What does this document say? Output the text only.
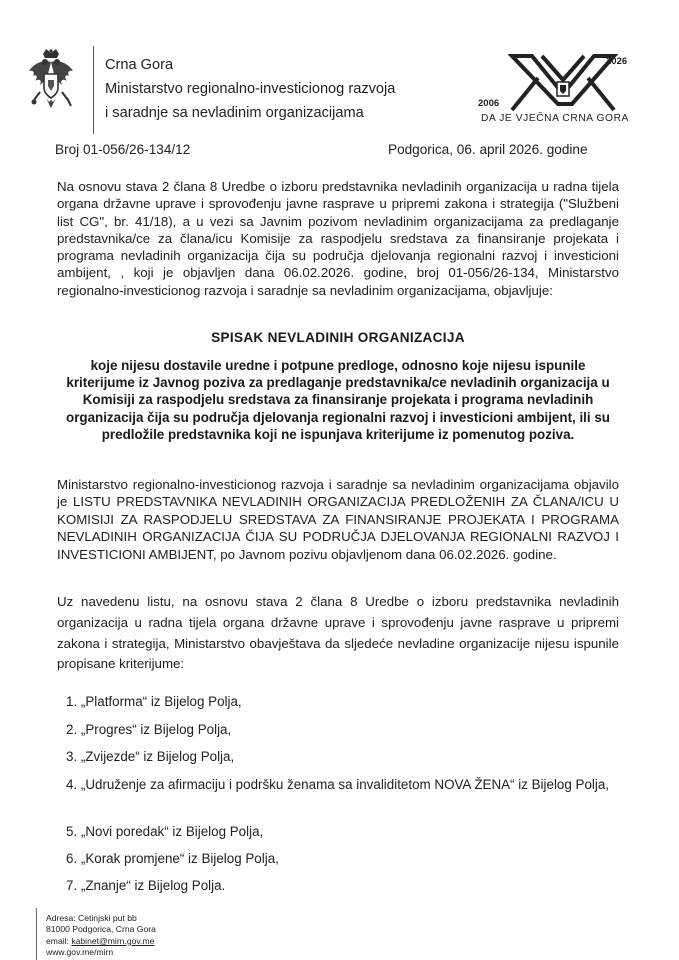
Crna Gora
Ministarstvo regionalno-investicionog razvoja
i saradnje sa nevladinim organizacijama
2006
2026
DA JE VJEČNA CRNA GORA
Broj 01-056/26-134/12	Podgorica, 06. april 2026. godine
Na osnovu stava 2 člana 8 Uredbe o izboru predstavnika nevladinih organizacija u radna tijela organa državne uprave i sprovođenju javne rasprave u pripremi zakona i strategija ("Službeni list CG", br. 41/18), a u vezi sa Javnim pozivom nevladinim organizacijama za predlaganje predstavnika/ce za člana/icu Komisije za raspodjelu sredstava za finansiranje projekata i programa nevladinih organizacija čija su područja djelovanja regionalni razvoj i investicioni ambijent, , koji je objavljen dana 06.02.2026. godine, broj 01-056/26-134, Ministarstvo regionalno-investicionog razvoja i saradnje sa nevladinim organizacijama, objavljuje:
SPISAK NEVLADINIH ORGANIZACIJA
koje nijesu dostavile uredne i potpune predloge, odnosno koje nijesu ispunile kriterijume iz Javnog poziva za predlaganje predstavnika/ce nevladinih organizacija u Komisiji za raspodjelu sredstava za finansiranje projekata i programa nevladinih organizacija čija su područja djelovanja regionalni razvoj i investicioni ambijent, ili su predložile predstavnika koji ne ispunjava kriterijume iz pomenutog poziva.
Ministarstvo regionalno-investicionog razvoja i saradnje sa nevladinim organizacijama objavilo je LISTU PREDSTAVNIKA NEVLADINIH ORGANIZACIJA PREDLOŽENIH ZA ČLANA/ICU U KOMISIJI ZA RASPODJELU SREDSTAVA ZA FINANSIRANJE PROJEKATA I PROGRAMA NEVLADINIH ORGANIZACIJA ČIJA SU PODRUČJA DJELOVANJA REGIONALNI RAZVOJ I INVESTICIONI AMBIJENT, po Javnom pozivu objavljenom dana 06.02.2026. godine.
Uz navedenu listu, na osnovu stava 2 člana 8 Uredbe o izboru predstavnika nevladinih organizacija u radna tijela organa državne uprave i sprovođenju javne rasprave u pripremi zakona i strategija, Ministarstvo obavještava da sljedeće nevladine organizacije nijesu ispunile propisane kriterijume:
1. „Platforma“ iz Bijelog Polja,
2. „Progres“ iz Bijelog Polja,
3. „Zvijezde“ iz Bijelog Polja,
4. „Udruženje za afirmaciju i podršku ženama sa invaliditetom NOVA ŽENA“ iz Bijelog Polja,
5. „Novi poredak“ iz Bijelog Polja,
6. „Korak promjene“ iz Bijelog Polja,
7. „Znanje“ iz Bijelog Polja.
Adresa: Cetinjski put bb
81000 Podgorica, Crna Gora
email: kabinet@mirn.gov.me
www.gov.me/mirn
